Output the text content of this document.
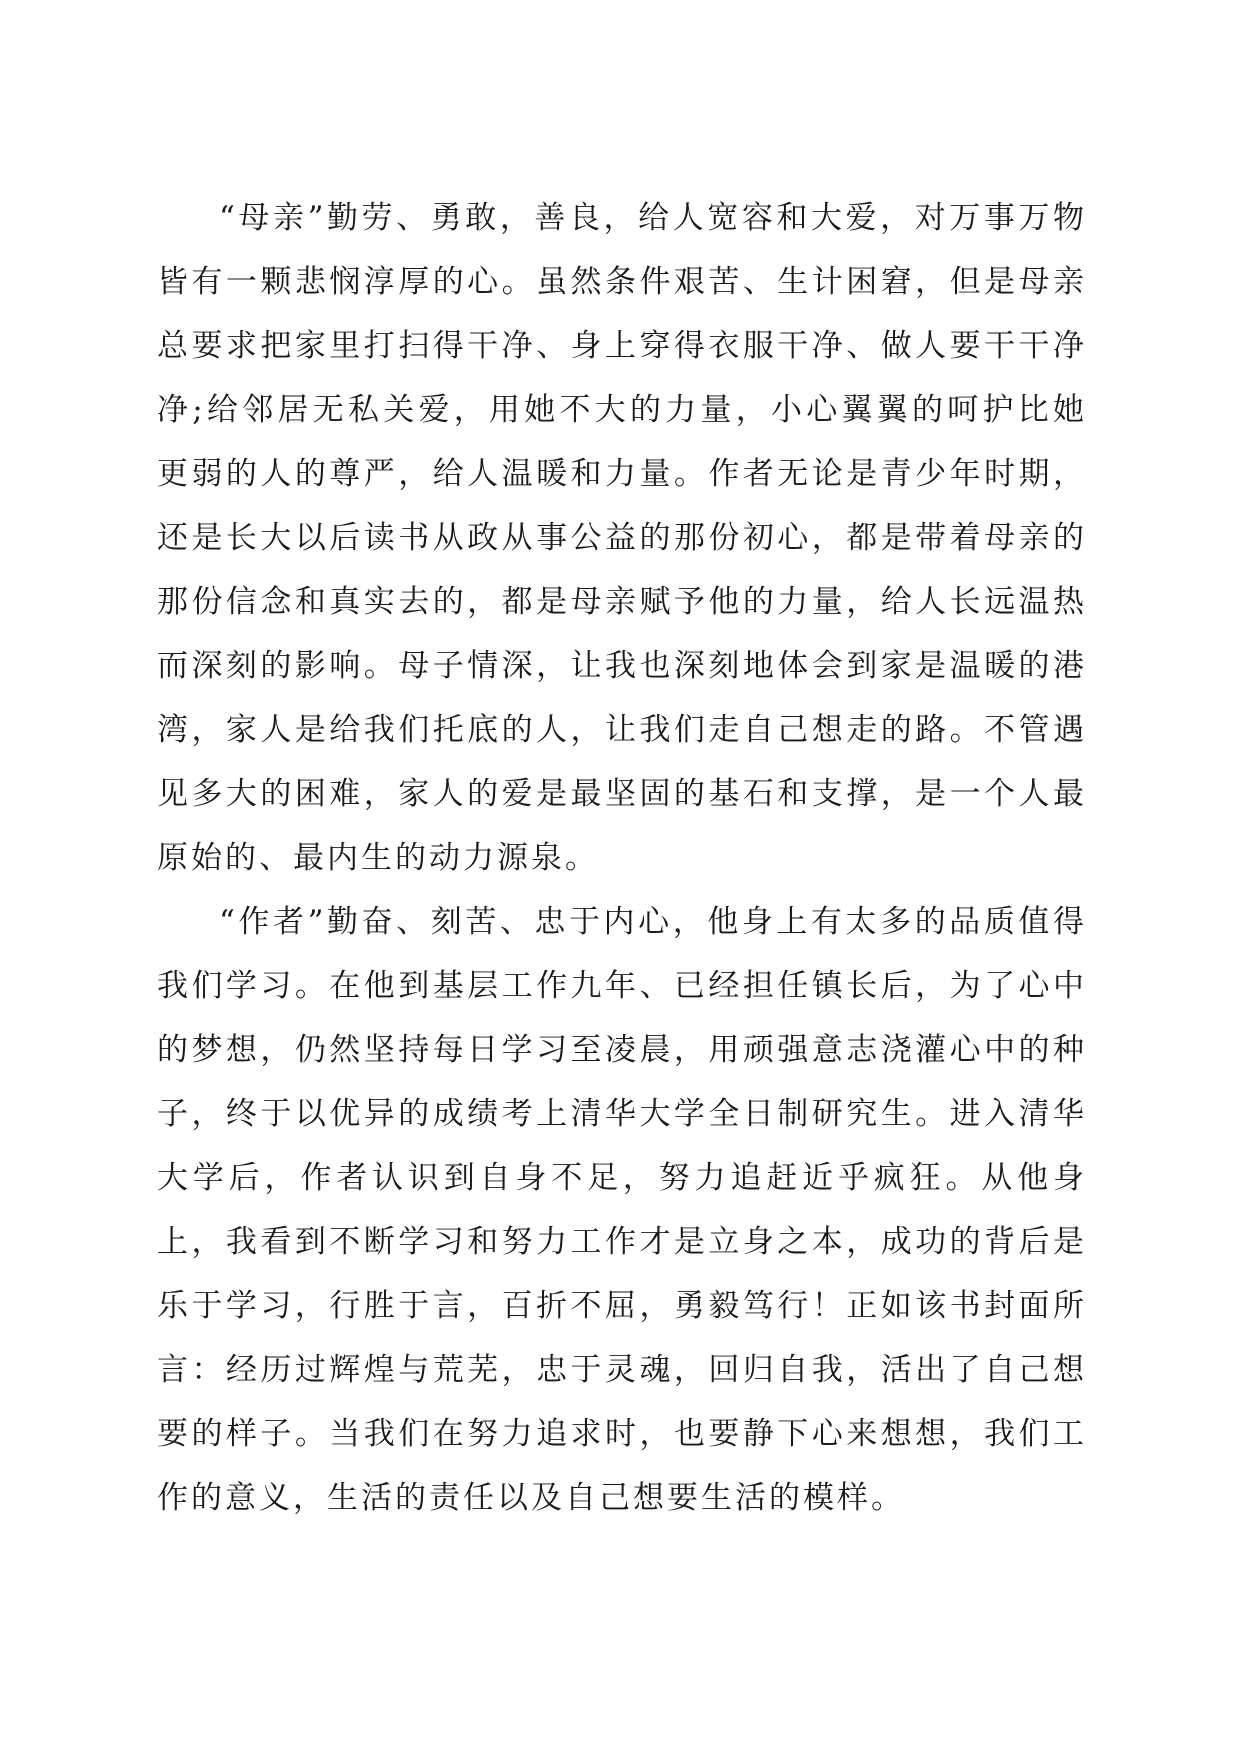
“母亲”勤劳、勇敢，善良，给人宽容和大爱，对万事万物皆有一颗悲悯淳厚的心。虽然条件艰苦、生计困窘，但是母亲总要求把家里打扫得干净、身上穿得衣服干净、做人要干干净净;给邻居无私关爱，用她不大的力量，小心翼翼的呵护比她更弱的人的尊严，给人温暖和力量。作者无论是青少年时期，还是长大以后读书从政从事公益的那份初心，都是带着母亲的那份信念和真实去的，都是母亲赋予他的力量，给人长远温热而深刻的影响。母子情深，让我也深刻地体会到家是温暖的港湾，家人是给我们托底的人，让我们走自己想走的路。不管遇见多大的困难，家人的爱是最坚固的基石和支撑，是一个人最原始的、最内生的动力源泉。

“作者”勤奋、刻苦、忠于内心，他身上有太多的品质值得我们学习。在他到基层工作九年、已经担任镇长后，为了心中的梦想，仍然坚持每日学习至凌晨，用顽强意志浇灌心中的种子，终于以优异的成绩考上清华大学全日制研究生。进入清华大学后，作者认识到自身不足，努力追赶近乎疯狂。从他身上，我看到不断学习和努力工作才是立身之本，成功的背后是乐于学习，行胜于言，百折不屈，勇毅笃行！正如该书封面所言：经历过辉煌与荒芜，忠于灵魂，回归自我，活出了自己想要的样子。当我们在努力追求时，也要静下心来想想，我们工作的意义，生活的责任以及自己想要生活的模样。
